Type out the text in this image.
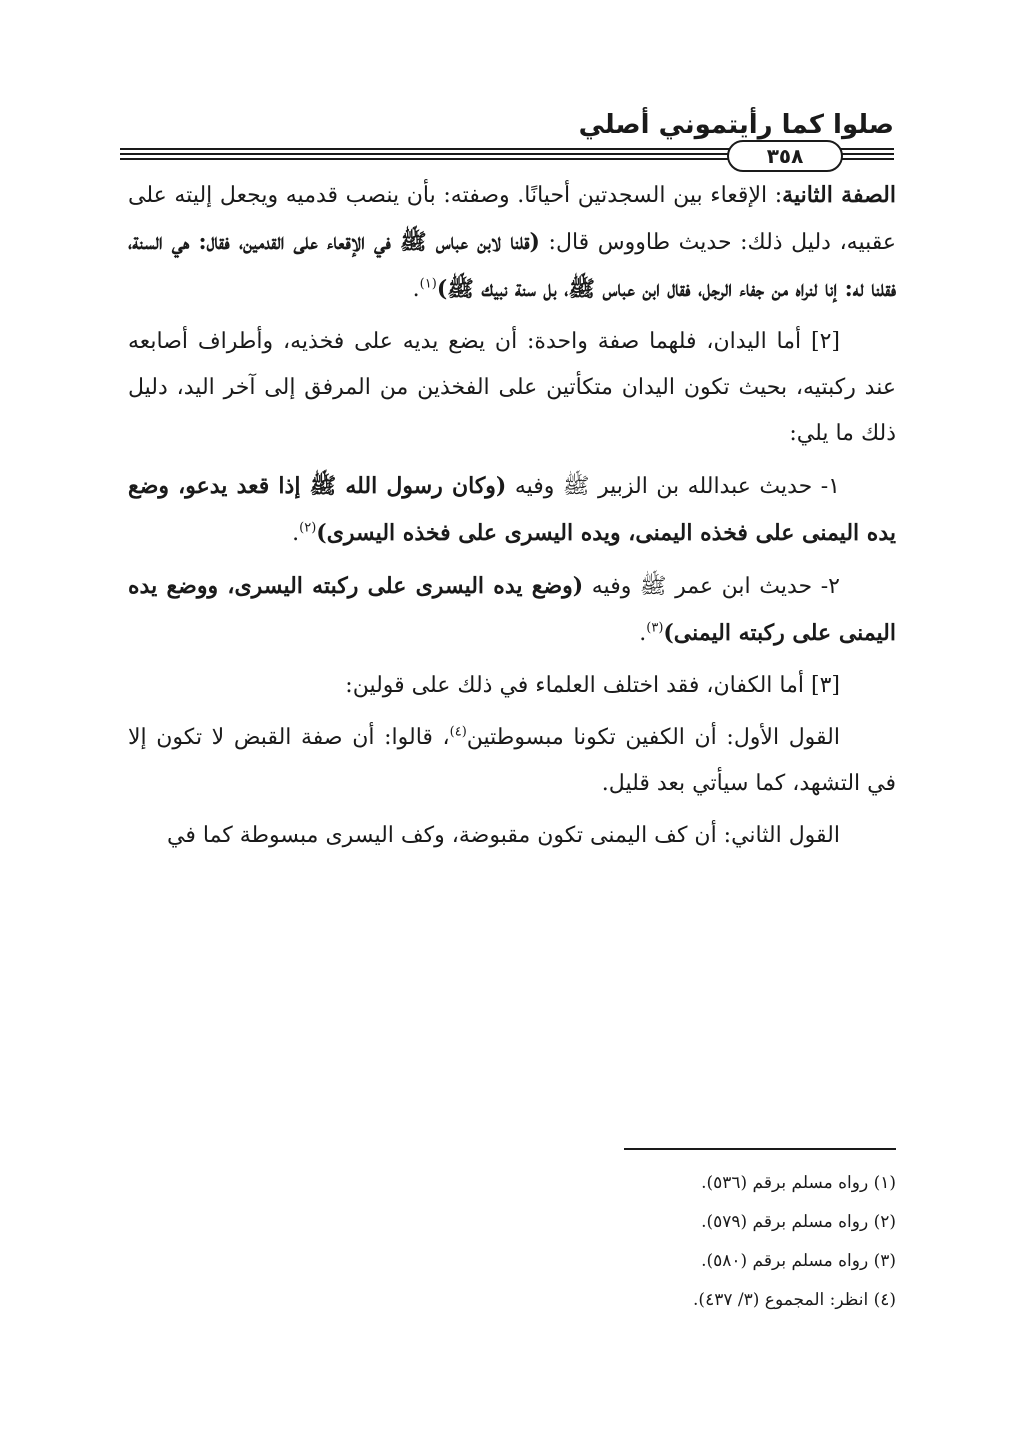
صلوا كما رأيتموني أصلي
٣٥٨

الصفة الثانية: الإقعاء بين السجدتين أحيانًا. وصفته: بأن ينصب قدميه ويجعل إليته على عقبيه، دليل ذلك: حديث طاووس قال: (قلنا لابن عباس ﷺ في الإقعاء على القدمين، فقال: هي السنة، فقلنا له: إنا لنراه من جفاء الرجل، فقال ابن عباس ﷺ، بل سنة نبيك ﷺ)$^{(١)}$.

[٢] أما اليدان، فلهما صفة واحدة: أن يضع يديه على فخذيه، وأطراف أصابعه عند ركبتيه، بحيث تكون اليدان متكأتين على الفخذين من المرفق إلى آخر اليد، دليل ذلك ما يلي:

١- حديث عبدالله بن الزبير ﷺ وفيه (وكان رسول الله ﷺ إذا قعد يدعو، وضع يده اليمنى على فخذه اليمنى، ويده اليسرى على فخذه اليسرى)$^{(٢)}$.

٢- حديث ابن عمر ﷺ وفيه (وضع يده اليسرى على ركبته اليسرى، ووضع يده اليمنى على ركبته اليمنى)$^{(٣)}$.

[٣] أما الكفان، فقد اختلف العلماء في ذلك على قولين:

القول الأول: أن الكفين تكونا مبسوطتين$^{(٤)}$، قالوا: أن صفة القبض لا تكون إلا في التشهد، كما سيأتي بعد قليل.

القول الثاني: أن كف اليمنى تكون مقبوضة، وكف اليسرى مبسوطة كما في

(١) رواه مسلم برقم (٥٣٦).
(٢) رواه مسلم برقم (٥٧٩).
(٣) رواه مسلم برقم (٥٨٠).
(٤) انظر: المجموع (٣/ ٤٣٧).
